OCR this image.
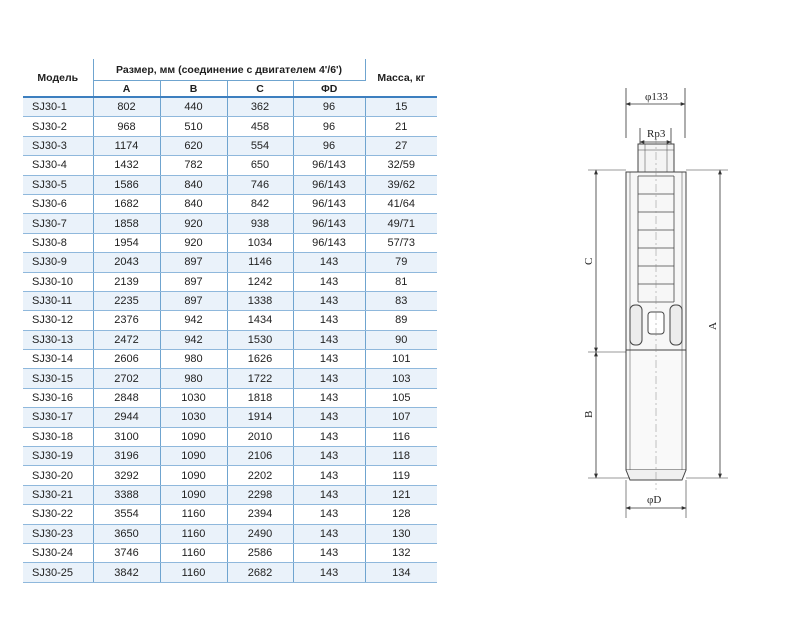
Модель	Размер, мм (соединение с двигателем 4'/6')				Масса, кг
	A	B	C	ΦD	
SJ30-1	802	440	362	96	15
SJ30-2	968	510	458	96	21
SJ30-3	1174	620	554	96	27
SJ30-4	1432	782	650	96/143	32/59
SJ30-5	1586	840	746	96/143	39/62
SJ30-6	1682	840	842	96/143	41/64
SJ30-7	1858	920	938	96/143	49/71
SJ30-8	1954	920	1034	96/143	57/73
SJ30-9	2043	897	1146	143	79
SJ30-10	2139	897	1242	143	81
SJ30-11	2235	897	1338	143	83
SJ30-12	2376	942	1434	143	89
SJ30-13	2472	942	1530	143	90
SJ30-14	2606	980	1626	143	101
SJ30-15	2702	980	1722	143	103
SJ30-16	2848	1030	1818	143	105
SJ30-17	2944	1030	1914	143	107
SJ30-18	3100	1090	2010	143	116
SJ30-19	3196	1090	2106	143	118
SJ30-20	3292	1090	2202	143	119
SJ30-21	3388	1090	2298	143	121
SJ30-22	3554	1160	2394	143	128
SJ30-23	3650	1160	2490	143	130
SJ30-24	3746	1160	2586	143	132
SJ30-25	3842	1160	2682	143	134
φ133
Rp3
C
B
A
φD
